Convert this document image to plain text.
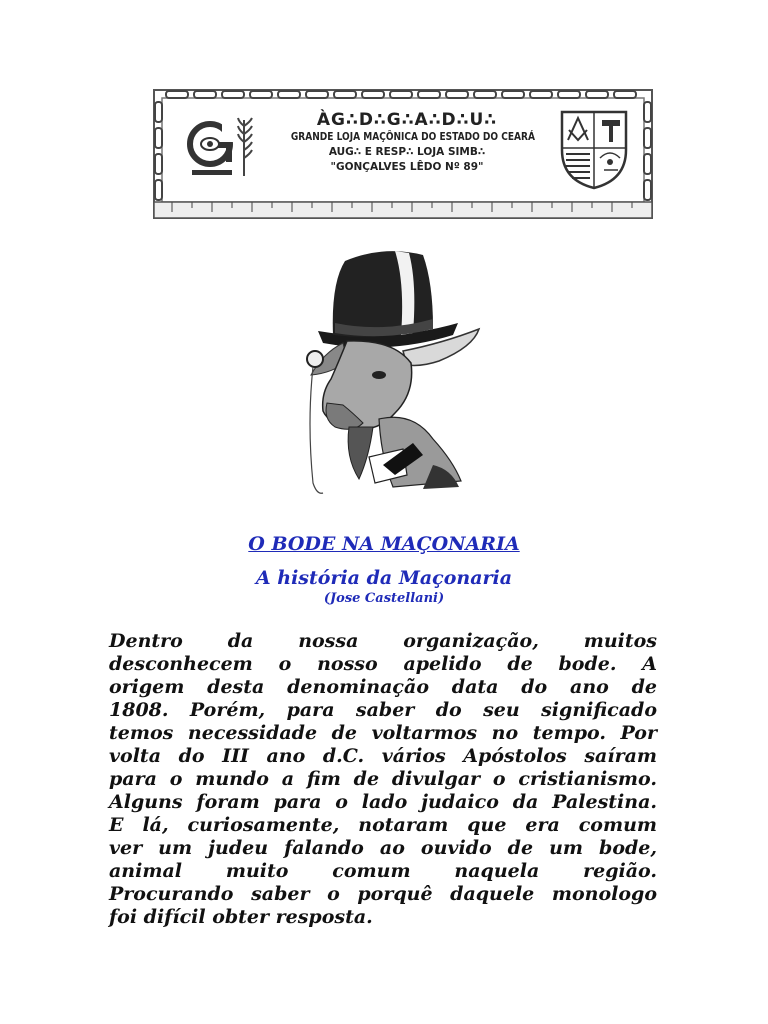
ÀG∴D∴G∴A∴D∴U∴
GRANDE LOJA MAÇÔNICA DO ESTADO DO CEARÁ
AUG∴ E RESP∴ LOJA SIMB∴
"GONÇALVES LÊDO Nº 89"
O BODE NA MAÇONARIA
A história da Maçonaria
(Jose Castellani)
Dentro da nossa organização, muitos
desconhecem o nosso apelido de bode. A
origem desta denominação data do ano de
1808. Porém, para saber do seu significado
temos necessidade de voltarmos no tempo. Por
volta do III ano d.C. vários Apóstolos saíram
para o mundo a fim de divulgar o cristianismo.
Alguns foram para o lado judaico da Palestina.
E lá, curiosamente, notaram que era comum
ver um judeu falando ao ouvido de um bode,
animal muito comum naquela região.
Procurando saber o porquê daquele monologo
foi difícil obter resposta.
